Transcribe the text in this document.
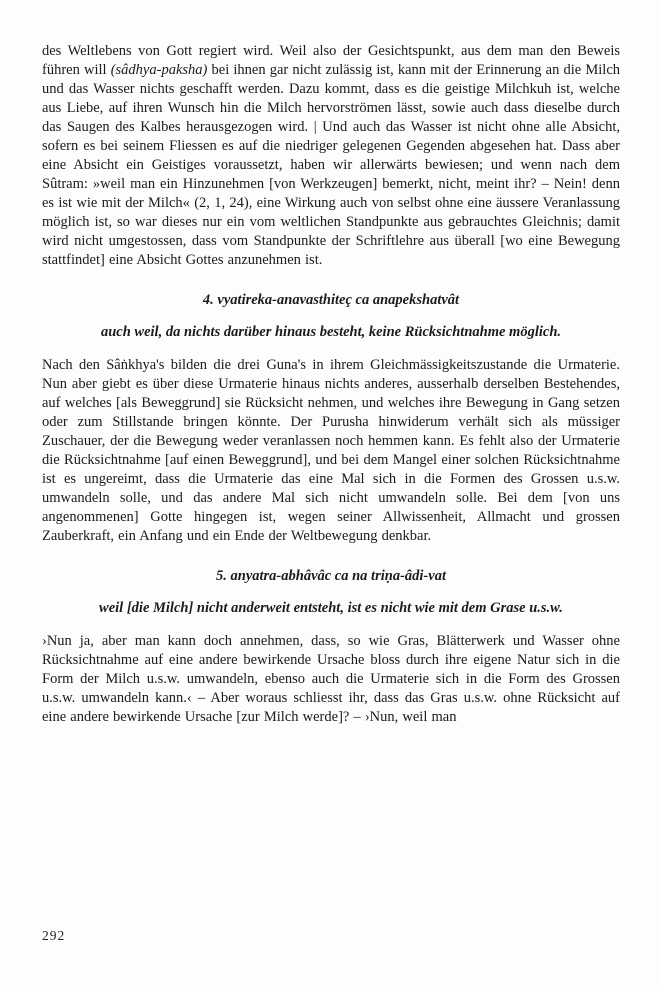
des Weltlebens von Gott regiert wird. Weil also der Gesichtspunkt, aus dem man den Beweis führen will (sâdhya-paksha) bei ihnen gar nicht zulässig ist, kann mit der Erinnerung an die Milch und das Wasser nichts geschafft werden. Dazu kommt, dass es die geistige Milchkuh ist, welche aus Liebe, auf ihren Wunsch hin die Milch hervorströmen lässt, sowie auch dass dieselbe durch das Saugen des Kalbes herausgezogen wird. | Und auch das Wasser ist nicht ohne alle Absicht, sofern es bei seinem Fliessen es auf die niedriger gelegenen Gegenden abgesehen hat. Dass aber eine Absicht ein Geistiges voraussetzt, haben wir allerwärts bewiesen; und wenn nach dem Sûtram: »weil man ein Hinzunehmen [von Werkzeugen] bemerkt, nicht, meint ihr? – Nein! denn es ist wie mit der Milch« (2, 1, 24), eine Wirkung auch von selbst ohne eine äussere Veranlassung möglich ist, so war dieses nur ein vom weltlichen Standpunkte aus gebrauchtes Gleichnis; damit wird nicht umgestossen, dass vom Standpunkte der Schriftlehre aus überall [wo eine Bewegung stattfindet] eine Absicht Gottes anzunehmen ist.

4. vyatireka-anavasthiteç ca anapekshatvât

auch weil, da nichts darüber hinaus besteht, keine Rücksichtnahme möglich.

Nach den Sâṅkhya's bilden die drei Guna's in ihrem Gleichmässigkeitszustande die Urmaterie. Nun aber giebt es über diese Urmaterie hinaus nichts anderes, ausserhalb derselben Bestehendes, auf welches [als Beweggrund] sie Rücksicht nehmen, und welches ihre Bewegung in Gang setzen oder zum Stillstande bringen könnte. Der Purusha hinwiderum verhält sich als müssiger Zuschauer, der die Bewegung weder veranlassen noch hemmen kann. Es fehlt also der Urmaterie die Rücksichtnahme [auf einen Beweggrund], und bei dem Mangel einer solchen Rücksichtnahme ist es ungereimt, dass die Urmaterie das eine Mal sich in die Formen des Grossen u.s.w. umwandeln solle, und das andere Mal sich nicht umwandeln solle. Bei dem [von uns angenommenen] Gotte hingegen ist, wegen seiner Allwissenheit, Allmacht und grossen Zauberkraft, ein Anfang und ein Ende der Weltbewegung denkbar.

5. anyatra-abhâvâc ca na triṇa-âdi-vat

weil [die Milch] nicht anderweit entsteht, ist es nicht wie mit dem Grase u.s.w.

›Nun ja, aber man kann doch annehmen, dass, so wie Gras, Blätterwerk und Wasser ohne Rücksichtnahme auf eine andere bewirkende Ursache bloss durch ihre eigene Natur sich in die Form der Milch u.s.w. umwandeln, ebenso auch die Urmaterie sich in die Form des Grossen u.s.w. umwandeln kann.‹ – Aber woraus schliesst ihr, dass das Gras u.s.w. ohne Rücksicht auf eine andere bewirkende Ursache [zur Milch werde]? – ›Nun, weil man

292
